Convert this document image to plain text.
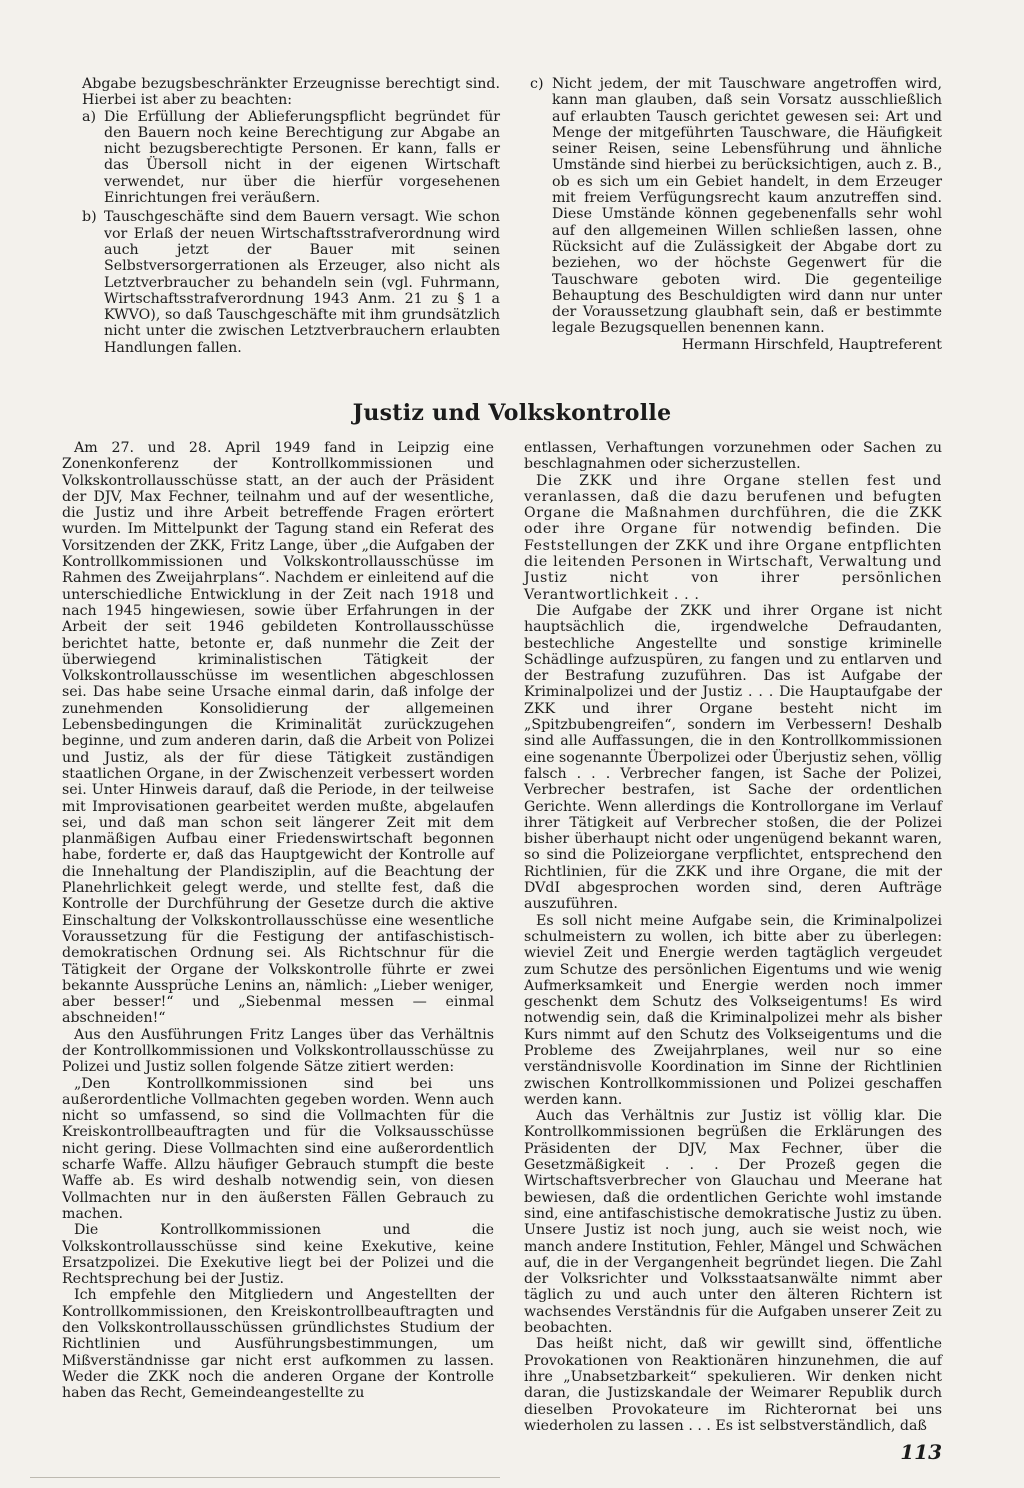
Abgabe bezugsbeschränkter Erzeugnisse berechtigt sind. Hierbei ist aber zu beachten:

a) Die Erfüllung der Ablieferungspflicht begründet für den Bauern noch keine Berechtigung zur Abgabe an nicht bezugsberechtigte Personen. Er kann, falls er das Übersoll nicht in der eigenen Wirtschaft verwendet, nur über die hierfür vorgesehenen Einrichtungen frei veräußern.
b) Tauschgeschäfte sind dem Bauern versagt. Wie schon vor Erlaß der neuen Wirtschaftsstrafverordnung wird auch jetzt der Bauer mit seinen Selbstversorgerrationen als Erzeuger, also nicht als Letztverbraucher zu behandeln sein (vgl. Fuhrmann, Wirtschaftsstrafverordnung 1943 Anm. 21 zu § 1 a KWVO), so daß Tauschgeschäfte mit ihm grundsätzlich nicht unter die zwischen Letztverbrauchern erlaubten Handlungen fallen.
c) Nicht jedem, der mit Tauschware angetroffen wird, kann man glauben, daß sein Vorsatz ausschließlich auf erlaubten Tausch gerichtet gewesen sei: Art und Menge der mitgeführten Tauschware, die Häufigkeit seiner Reisen, seine Lebensführung und ähnliche Umstände sind hierbei zu berücksichtigen, auch z. B., ob es sich um ein Gebiet handelt, in dem Erzeuger mit freiem Verfügungsrecht kaum anzutreffen sind. Diese Umstände können gegebenenfalls sehr wohl auf den allgemeinen Willen schließen lassen, ohne Rücksicht auf die Zulässigkeit der Abgabe dort zu beziehen, wo der höchste Gegenwert für die Tauschware geboten wird. Die gegenteilige Behauptung des Beschuldigten wird dann nur unter der Voraussetzung glaubhaft sein, daß er bestimmte legale Bezugsquellen benennen kann.
Hermann Hirschfeld, Hauptreferent
Justiz und Volkskontrolle

Am 27. und 28. April 1949 fand in Leipzig eine Zonenkonferenz der Kontrollkommissionen und Volkskontrollausschüsse statt, an der auch der Präsident der DJV, Max Fechner, teilnahm und auf der wesentliche, die Justiz und ihre Arbeit betreffende Fragen erörtert wurden. Im Mittelpunkt der Tagung stand ein Referat des Vorsitzenden der ZKK, Fritz Lange, über „die Aufgaben der Kontrollkommissionen und Volkskontrollausschüsse im Rahmen des Zweijahrplans“. Nachdem er einleitend auf die unterschiedliche Entwicklung in der Zeit nach 1918 und nach 1945 hingewiesen, sowie über Erfahrungen in der Arbeit der seit 1946 gebildeten Kontrollausschüsse berichtet hatte, betonte er, daß nunmehr die Zeit der überwiegend kriminalistischen Tätigkeit der Volkskontrollausschüsse im wesentlichen abgeschlossen sei. Das habe seine Ursache einmal darin, daß infolge der zunehmenden Konsolidierung der allgemeinen Lebensbedingungen die Kriminalität zurückzugehen beginne, und zum anderen darin, daß die Arbeit von Polizei und Justiz, als der für diese Tätigkeit zuständigen staatlichen Organe, in der Zwischenzeit verbessert worden sei. Unter Hinweis darauf, daß die Periode, in der teilweise mit Improvisationen gearbeitet werden mußte, abgelaufen sei, und daß man schon seit längerer Zeit mit dem planmäßigen Aufbau einer Friedenswirtschaft begonnen habe, forderte er, daß das Hauptgewicht der Kontrolle auf die Innehaltung der Plandisziplin, auf die Beachtung der Planehrlichkeit gelegt werde, und stellte fest, daß die Kontrolle der Durchführung der Gesetze durch die aktive Einschaltung der Volkskontrollausschüsse eine wesentliche Voraussetzung für die Festigung der antifaschistisch-demokratischen Ordnung sei. Als Richtschnur für die Tätigkeit der Organe der Volkskontrolle führte er zwei bekannte Aussprüche Lenins an, nämlich: „Lieber weniger, aber besser!“ und „Siebenmal messen — einmal abschneiden!“

Aus den Ausführungen Fritz Langes über das Verhältnis der Kontrollkommissionen und Volkskontrollausschüsse zu Polizei und Justiz sollen folgende Sätze zitiert werden:

„Den Kontrollkommissionen sind bei uns außerordentliche Vollmachten gegeben worden. Wenn auch nicht so umfassend, so sind die Vollmachten für die Kreiskontrollbeauftragten und für die Volksausschüsse nicht gering. Diese Vollmachten sind eine außerordentlich scharfe Waffe. Allzu häufiger Gebrauch stumpft die beste Waffe ab. Es wird deshalb notwendig sein, von diesen Vollmachten nur in den äußersten Fällen Gebrauch zu machen.

Die Kontrollkommissionen und die Volkskontrollausschüsse sind keine Exekutive, keine Ersatzpolizei. Die Exekutive liegt bei der Polizei und die Rechtsprechung bei der Justiz.

Ich empfehle den Mitgliedern und Angestellten der Kontrollkommissionen, den Kreiskontrollbeauftragten und den Volkskontrollausschüssen gründlichstes Studium der Richtlinien und Ausführungsbestimmungen, um Mißverständnisse gar nicht erst aufkommen zu lassen. Weder die ZKK noch die anderen Organe der Kontrolle haben das Recht, Gemeindeangestellte zu

entlassen, Verhaftungen vorzunehmen oder Sachen zu beschlagnahmen oder sicherzustellen.

Die ZKK und ihre Organe stellen fest und veranlassen, daß die dazu berufenen und befugten Organe die Maßnahmen durchführen, die die ZKK oder ihre Organe für notwendig befinden. Die Feststellungen der ZKK und ihre Organe entpflichten die leitenden Personen in Wirtschaft, Verwaltung und Justiz nicht von ihrer persönlichen Verantwortlichkeit . . .

Die Aufgabe der ZKK und ihrer Organe ist nicht hauptsächlich die, irgendwelche Defraudanten, bestechliche Angestellte und sonstige kriminelle Schädlinge aufzuspüren, zu fangen und zu entlarven und der Bestrafung zuzuführen. Das ist Aufgabe der Kriminalpolizei und der Justiz . . . Die Hauptaufgabe der ZKK und ihrer Organe besteht nicht im „Spitzbubengreifen“, sondern im Verbessern! Deshalb sind alle Auffassungen, die in den Kontrollkommissionen eine sogenannte Überpolizei oder Überjustiz sehen, völlig falsch . . . Verbrecher fangen, ist Sache der Polizei, Verbrecher bestrafen, ist Sache der ordentlichen Gerichte. Wenn allerdings die Kontrollorgane im Verlauf ihrer Tätigkeit auf Verbrecher stoßen, die der Polizei bisher überhaupt nicht oder ungenügend bekannt waren, so sind die Polizeiorgane verpflichtet, entsprechend den Richtlinien, für die ZKK und ihre Organe, die mit der DVdI abgesprochen worden sind, deren Aufträge auszuführen.

Es soll nicht meine Aufgabe sein, die Kriminalpolizei schulmeistern zu wollen, ich bitte aber zu überlegen: wieviel Zeit und Energie werden tagtäglich vergeudet zum Schutze des persönlichen Eigentums und wie wenig Aufmerksamkeit und Energie werden noch immer geschenkt dem Schutz des Volkseigentums! Es wird notwendig sein, daß die Kriminalpolizei mehr als bisher Kurs nimmt auf den Schutz des Volkseigentums und die Probleme des Zweijahrplanes, weil nur so eine verständnisvolle Koordination im Sinne der Richtlinien zwischen Kontrollkommissionen und Polizei geschaffen werden kann.

Auch das Verhältnis zur Justiz ist völlig klar. Die Kontrollkommissionen begrüßen die Erklärungen des Präsidenten der DJV, Max Fechner, über die Gesetzmäßigkeit . . . Der Prozeß gegen die Wirtschaftsverbrecher von Glauchau und Meerane hat bewiesen, daß die ordentlichen Gerichte wohl imstande sind, eine antifaschistische demokratische Justiz zu üben. Unsere Justiz ist noch jung, auch sie weist noch, wie manch andere Institution, Fehler, Mängel und Schwächen auf, die in der Vergangenheit begründet liegen. Die Zahl der Volksrichter und Volksstaatsanwälte nimmt aber täglich zu und auch unter den älteren Richtern ist wachsendes Verständnis für die Aufgaben unserer Zeit zu beobachten.

Das heißt nicht, daß wir gewillt sind, öffentliche Provokationen von Reaktionären hinzunehmen, die auf ihre „Unabsetzbarkeit“ spekulieren. Wir denken nicht daran, die Justizskandale der Weimarer Republik durch dieselben Provokateure im Richterornat bei uns wiederholen zu lassen . . . Es ist selbstverständlich, daß

113
